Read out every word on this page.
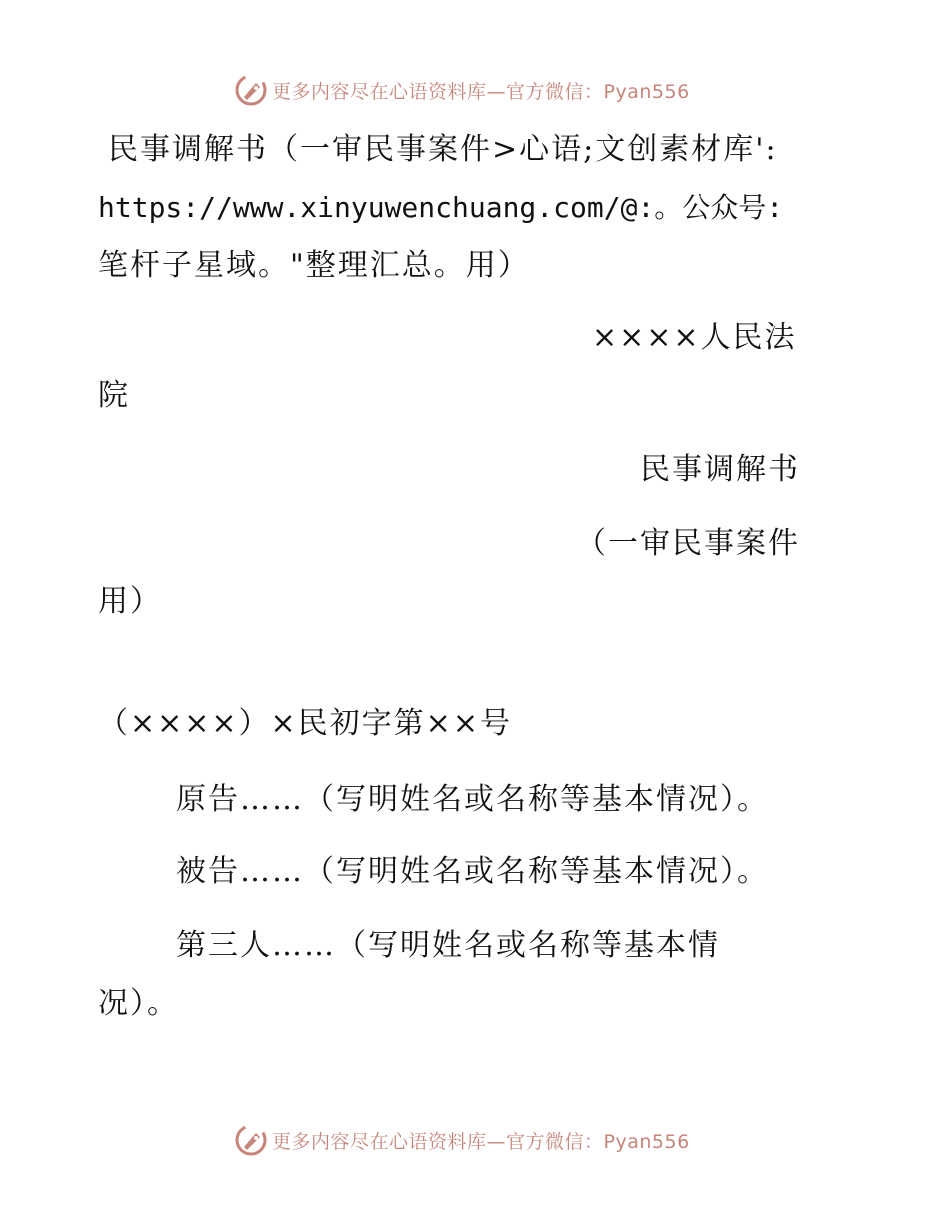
更多内容尽在心语资料库—官方微信：Pyan556
民事调解书（一审民事案件>心语;文创素材库':
https://www.xinyuwenchuang.com/@:。公众号:
笔杆子星域。"整理汇总。用）
××××人民法
院
民事调解书
（一审民事案件
用）
（××××）×民初字第××号
原告……（写明姓名或名称等基本情况）。
被告……（写明姓名或名称等基本情况）。
第三人……（写明姓名或名称等基本情
况）。
更多内容尽在心语资料库—官方微信：Pyan556
